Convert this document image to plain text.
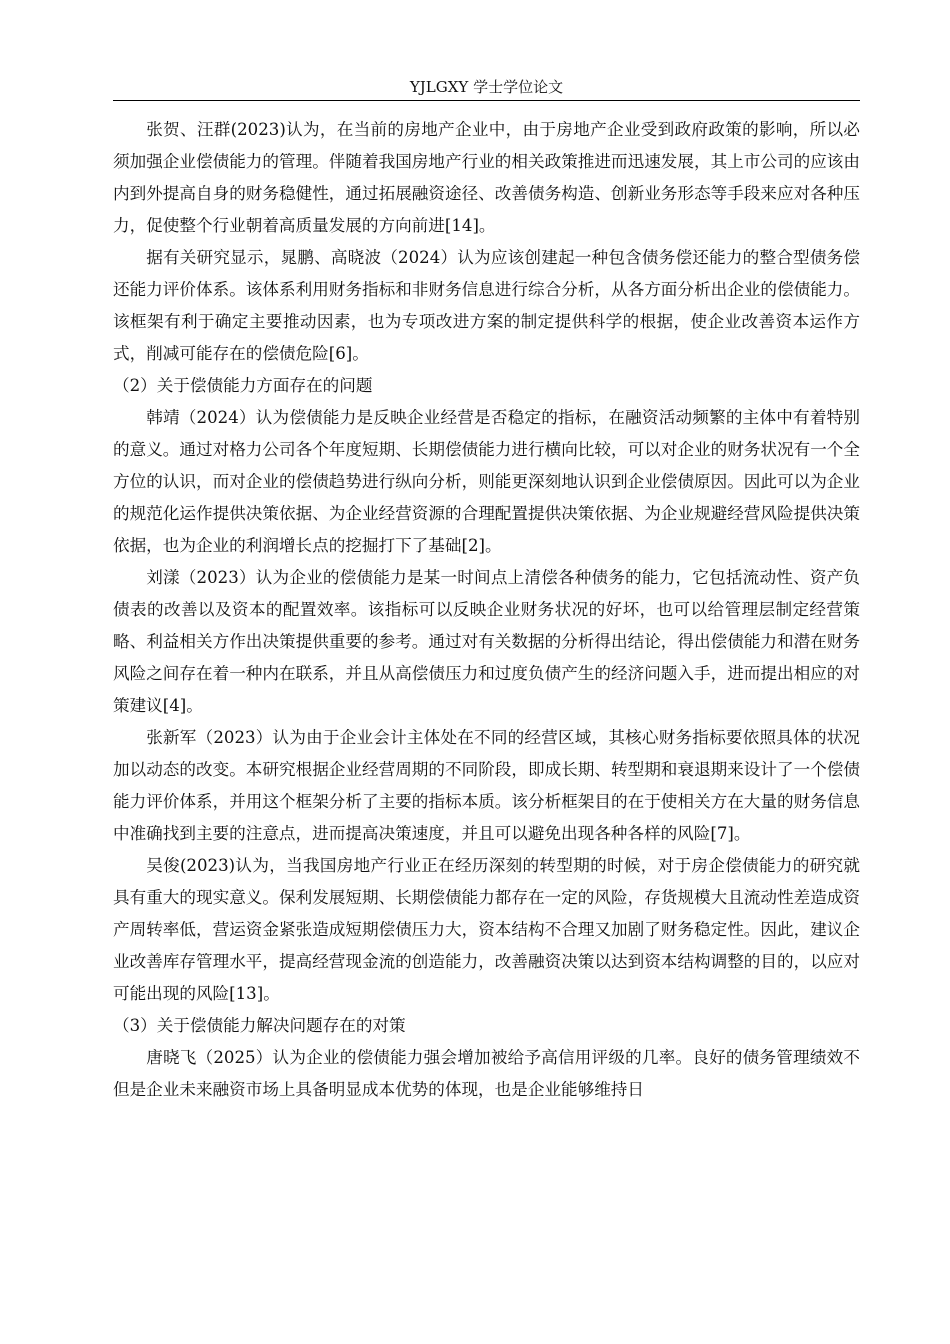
YJLGXY 学士学位论文

张贺、汪群(2023)认为，在当前的房地产企业中，由于房地产企业受到政府政策的影响，所以必须加强企业偿债能力的管理。伴随着我国房地产行业的相关政策推进而迅速发展，其上市公司的应该由内到外提高自身的财务稳健性，通过拓展融资途径、改善债务构造、创新业务形态等手段来应对各种压力，促使整个行业朝着高质量发展的方向前进[14]。

据有关研究显示，晁鹏、高晓波（2024）认为应该创建起一种包含债务偿还能力的整合型债务偿还能力评价体系。该体系利用财务指标和非财务信息进行综合分析，从各方面分析出企业的偿债能力。该框架有利于确定主要推动因素，也为专项改进方案的制定提供科学的根据，使企业改善资本运作方式，削减可能存在的偿债危险[6]。

（2）关于偿债能力方面存在的问题

韩靖（2024）认为偿债能力是反映企业经营是否稳定的指标，在融资活动频繁的主体中有着特别的意义。通过对格力公司各个年度短期、长期偿债能力进行横向比较，可以对企业的财务状况有一个全方位的认识，而对企业的偿债趋势进行纵向分析，则能更深刻地认识到企业偿债原因。因此可以为企业的规范化运作提供决策依据、为企业经营资源的合理配置提供决策依据、为企业规避经营风险提供决策依据，也为企业的利润增长点的挖掘打下了基础[2]。

刘漾（2023）认为企业的偿债能力是某一时间点上清偿各种债务的能力，它包括流动性、资产负债表的改善以及资本的配置效率。该指标可以反映企业财务状况的好坏，也可以给管理层制定经营策略、利益相关方作出决策提供重要的参考。通过对有关数据的分析得出结论，得出偿债能力和潜在财务风险之间存在着一种内在联系，并且从高偿债压力和过度负债产生的经济问题入手，进而提出相应的对策建议[4]。

张新军（2023）认为由于企业会计主体处在不同的经营区域，其核心财务指标要依照具体的状况加以动态的改变。本研究根据企业经营周期的不同阶段，即成长期、转型期和衰退期来设计了一个偿债能力评价体系，并用这个框架分析了主要的指标本质。该分析框架目的在于使相关方在大量的财务信息中准确找到主要的注意点，进而提高决策速度，并且可以避免出现各种各样的风险[7]。

吴俊(2023)认为，当我国房地产行业正在经历深刻的转型期的时候，对于房企偿债能力的研究就具有重大的现实意义。保利发展短期、长期偿债能力都存在一定的风险，存货规模大且流动性差造成资产周转率低，营运资金紧张造成短期偿债压力大，资本结构不合理又加剧了财务稳定性。因此，建议企业改善库存管理水平，提高经营现金流的创造能力，改善融资决策以达到资本结构调整的目的，以应对可能出现的风险[13]。

（3）关于偿债能力解决问题存在的对策

唐晓飞（2025）认为企业的偿债能力强会增加被给予高信用评级的几率。良好的债务管理绩效不但是企业未来融资市场上具备明显成本优势的体现，也是企业能够维持日
